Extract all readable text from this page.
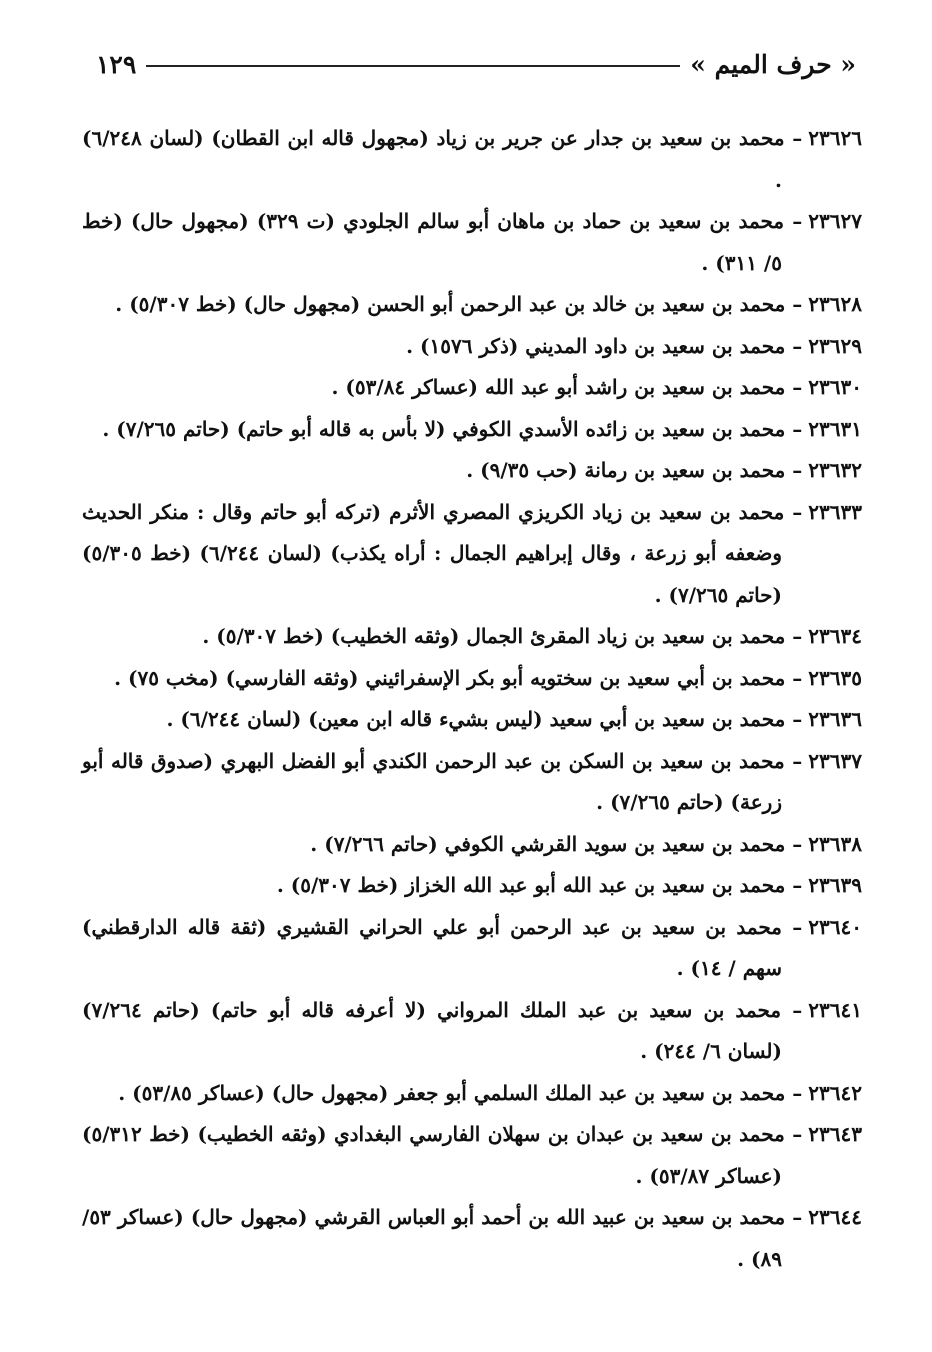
« حرف الميم »
١٢٩

٢٣٦٢٦– محمد بن سعيد بن جدار عن جرير بن زياد (مجهول قاله ابن القطان) (لسان ٦/٢٤٨) .

٢٣٦٢٧– محمد بن سعيد بن حماد بن ماهان أبو سالم الجلودي (ت ٣٢٩) (مجهول حال) (خط ٥/ ٣١١) .

٢٣٦٢٨– محمد بن سعيد بن خالد بن عبد الرحمن أبو الحسن (مجهول حال) (خط ٥/٣٠٧) .

٢٣٦٢٩– محمد بن سعيد بن داود المديني (ذكر ١٥٧٦) .

٢٣٦٣٠– محمد بن سعيد بن راشد أبو عبد الله (عساكر ٥٣/٨٤) .

٢٣٦٣١– محمد بن سعيد بن زائده الأسدي الكوفي (لا بأس به قاله أبو حاتم) (حاتم ٧/٢٦٥) .

٢٣٦٣٢– محمد بن سعيد بن رمانة (حب ٩/٣٥) .

٢٣٦٣٣– محمد بن سعيد بن زياد الكريزي المصري الأثرم (تركه أبو حاتم وقال : منكر الحديث وضعفه أبو زرعة ، وقال إبراهيم الجمال : أراه يكذب) (لسان ٦/٢٤٤) (خط ٥/٣٠٥) (حاتم ٧/٢٦٥) .

٢٣٦٣٤– محمد بن سعيد بن زياد المقرئ الجمال (وثقه الخطيب) (خط ٥/٣٠٧) .

٢٣٦٣٥– محمد بن أبي سعيد بن سختويه أبو بكر الإسفرائيني (وثقه الفارسي) (مخب ٧٥) .

٢٣٦٣٦– محمد بن سعيد بن أبي سعيد (ليس بشيء قاله ابن معين) (لسان ٦/٢٤٤) .

٢٣٦٣٧– محمد بن سعيد بن السكن بن عبد الرحمن الكندي أبو الفضل البهري (صدوق قاله أبو زرعة) (حاتم ٧/٢٦٥) .

٢٣٦٣٨– محمد بن سعيد بن سويد القرشي الكوفي (حاتم ٧/٢٦٦) .

٢٣٦٣٩– محمد بن سعيد بن عبد الله أبو عبد الله الخزاز (خط ٥/٣٠٧) .

٢٣٦٤٠– محمد بن سعيد بن عبد الرحمن أبو علي الحراني القشيري (ثقة قاله الدارقطني) سهم / ١٤) .

٢٣٦٤١– محمد بن سعيد بن عبد الملك المرواني (لا أعرفه قاله أبو حاتم) (حاتم ٧/٢٦٤) (لسان ٦/ ٢٤٤) .

٢٣٦٤٢– محمد بن سعيد بن عبد الملك السلمي أبو جعفر (مجهول حال) (عساكر ٥٣/٨٥) .

٢٣٦٤٣– محمد بن سعيد بن عبدان بن سهلان الفارسي البغدادي (وثقه الخطيب) (خط ٥/٣١٢) (عساكر ٥٣/٨٧) .

٢٣٦٤٤– محمد بن سعيد بن عبيد الله بن أحمد أبو العباس القرشي (مجهول حال) (عساكر ٥٣/ ٨٩) .
